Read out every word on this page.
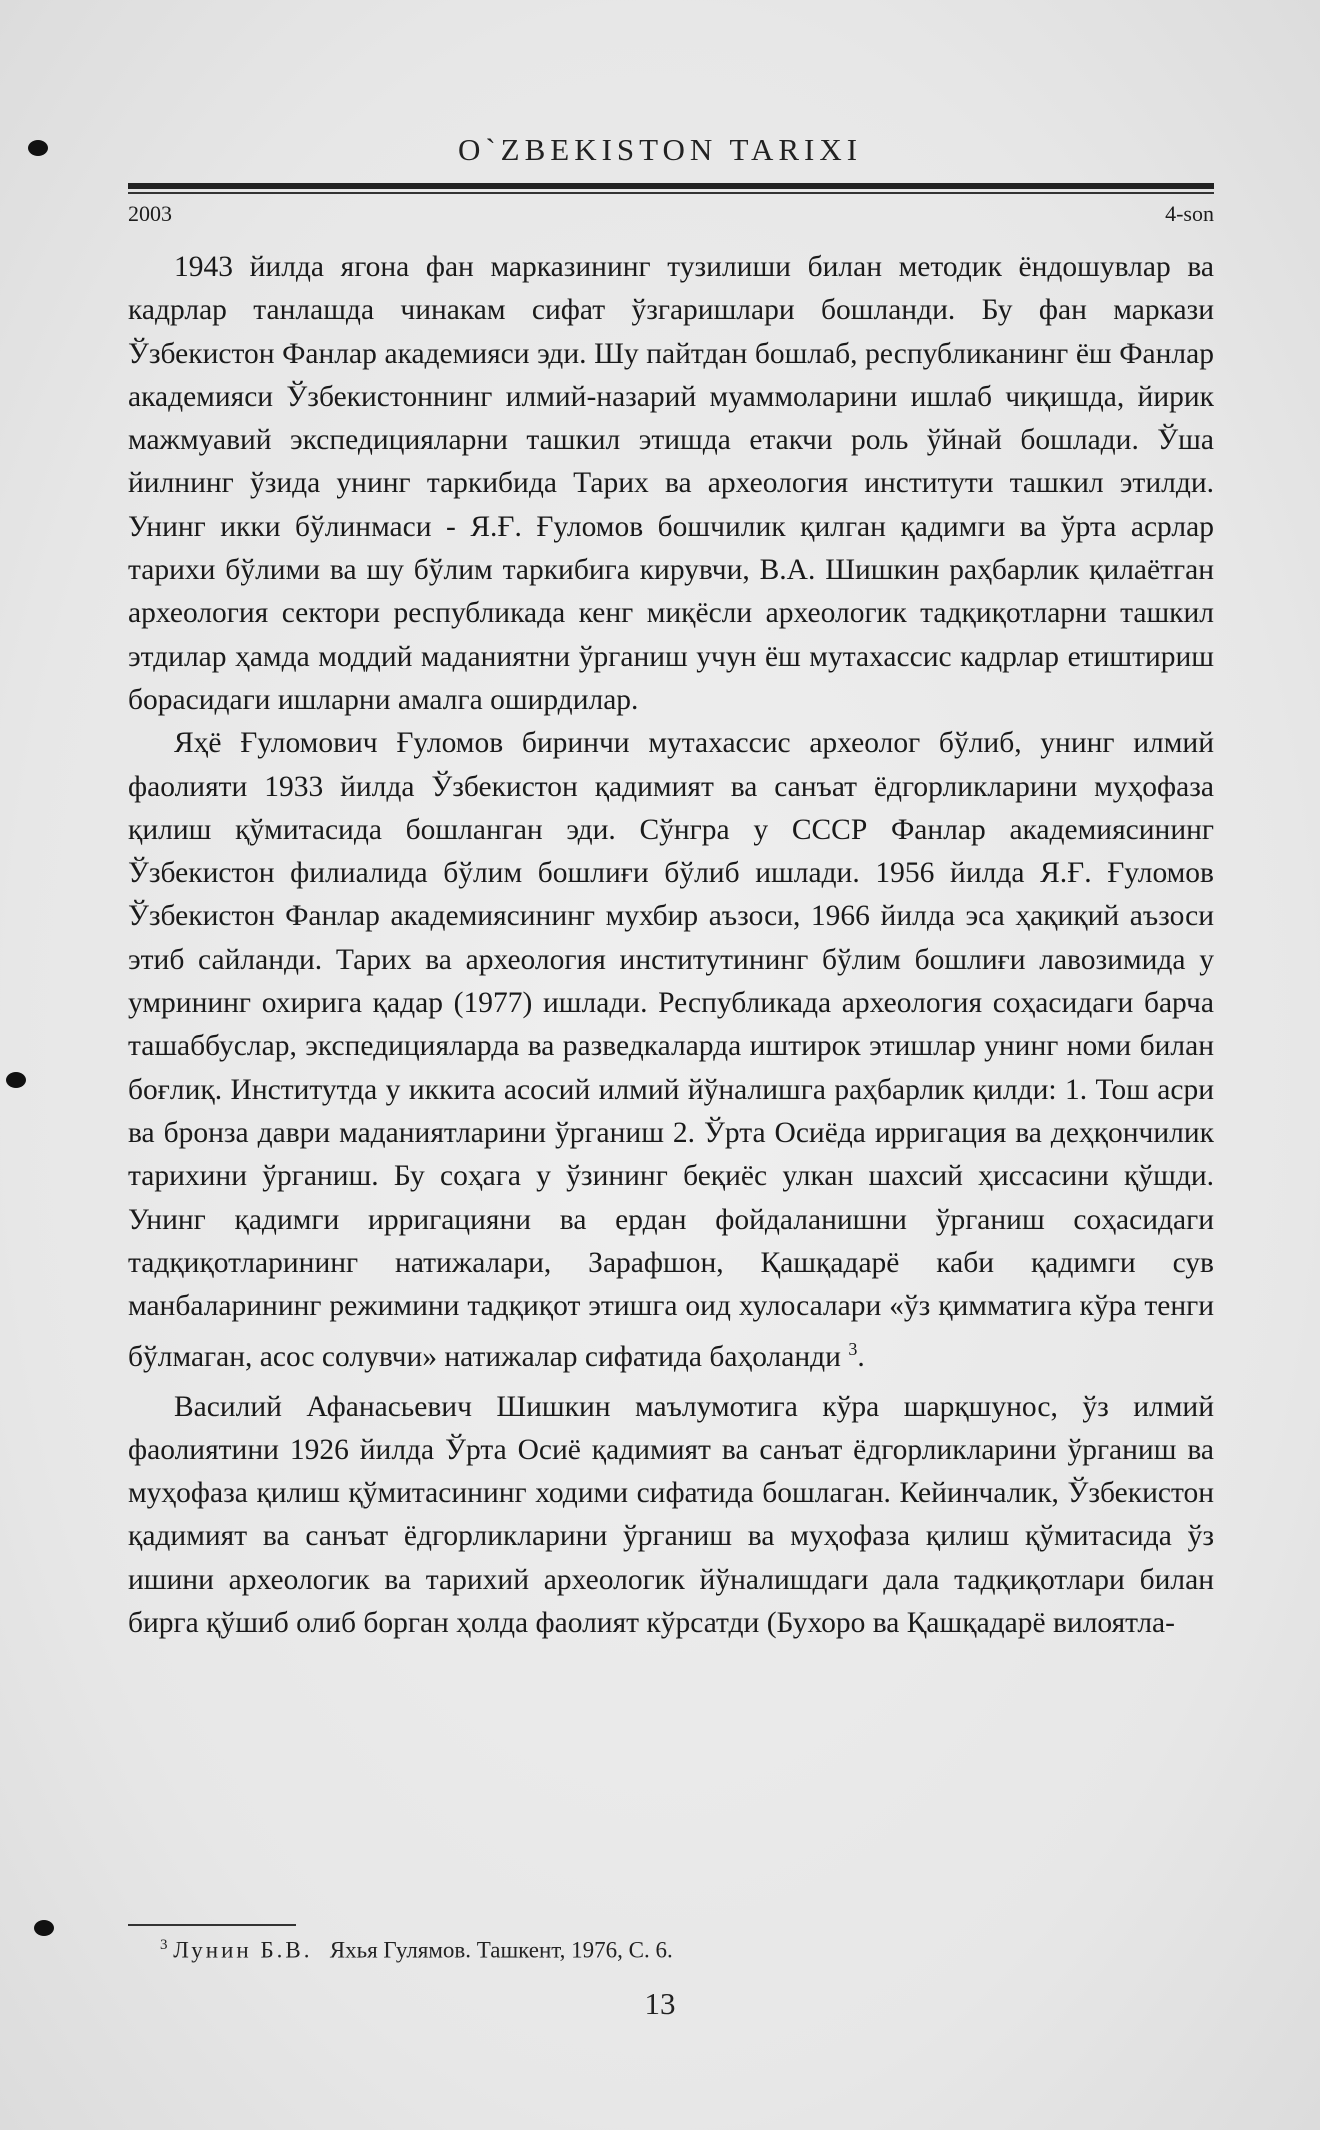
O`ZBEKISTON TARIXI
2003	4-son

1943 йилда ягона фан марказининг тузилиши билан методик ёндошувлар ва кадрлар танлашда чинакам сифат ўзгаришлари бошланди. Бу фан маркази Ўзбекистон Фанлар академияси эди. Шу пайтдан бошлаб, республиканинг ёш Фанлар академияси Ўзбекистоннинг илмий-назарий муаммоларини ишлаб чиқишда, йирик мажмуавий экспедицияларни ташкил этишда етакчи роль ўйнай бошлади. Ўша йилнинг ўзида унинг таркибида Тарих ва археология институти ташкил этилди. Унинг икки бўлинмаси - Я.Ғ. Ғуломов бошчилик қилган қадимги ва ўрта асрлар тарихи бўлими ва шу бўлим таркибига кирувчи, В.А. Шишкин раҳбарлик қилаётган археология сектори республикада кенг миқёсли археологик тадқиқотларни ташкил этдилар ҳамда моддий маданиятни ўрганиш учун ёш мутахассис кадрлар етиштириш борасидаги ишларни амалга оширдилар.

Яҳё Ғуломович Ғуломов биринчи мутахассис археолог бўлиб, унинг илмий фаолияти 1933 йилда Ўзбекистон қадимият ва санъат ёдгорликларини муҳофаза қилиш қўмитасида бошланган эди. Сўнгра у СССР Фанлар академиясининг Ўзбекистон филиалида бўлим бошлиғи бўлиб ишлади. 1956 йилда Я.Ғ. Ғуломов Ўзбекистон Фанлар академиясининг мухбир аъзоси, 1966 йилда эса ҳақиқий аъзоси этиб сайланди. Тарих ва археология институтининг бўлим бошлиғи лавозимида у умрининг охирига қадар (1977) ишлади. Республикада археология соҳасидаги барча ташаббуслар, экспедицияларда ва разведкаларда иштирок этишлар унинг номи билан боғлиқ. Институтда у иккита асосий илмий йўналишга раҳбарлик қилди: 1. Тош асри ва бронза даври маданиятларини ўрганиш 2. Ўрта Осиёда ирригация ва деҳқончилик тарихини ўрганиш. Бу соҳага у ўзининг беқиёс улкан шахсий ҳиссасини қўшди. Унинг қадимги ирригацияни ва ердан фойдаланишни ўрганиш соҳасидаги тадқиқотларининг натижалари, Зарафшон, Қашқадарё каби қадимги сув манбаларининг режимини тадқиқот этишга оид хулосалари «ўз қимматига кўра тенги бўлмаган, асос солувчи» натижалар сифатида баҳоланди $^3$.

Василий Афанасьевич Шишкин маълумотига кўра шарқшунос, ўз илмий фаолиятини 1926 йилда Ўрта Осиё қадимият ва санъат ёдгорликларини ўрганиш ва муҳофаза қилиш қўмитасининг ходими сифатида бошлаган. Кейинчалик, Ўзбекистон қадимият ва санъат ёдгорликларини ўрганиш ва муҳофаза қилиш қўмитасида ўз ишини археологик ва тарихий археологик йўналишдаги дала тадқиқотлари билан бирга қўшиб олиб борган ҳолда фаолият кўрсатди (Бухоро ва Қашқадарё вилоятла-

$^3$ Лунин Б.В. Яхья Гулямов. Ташкент, 1976, С. 6.
13
